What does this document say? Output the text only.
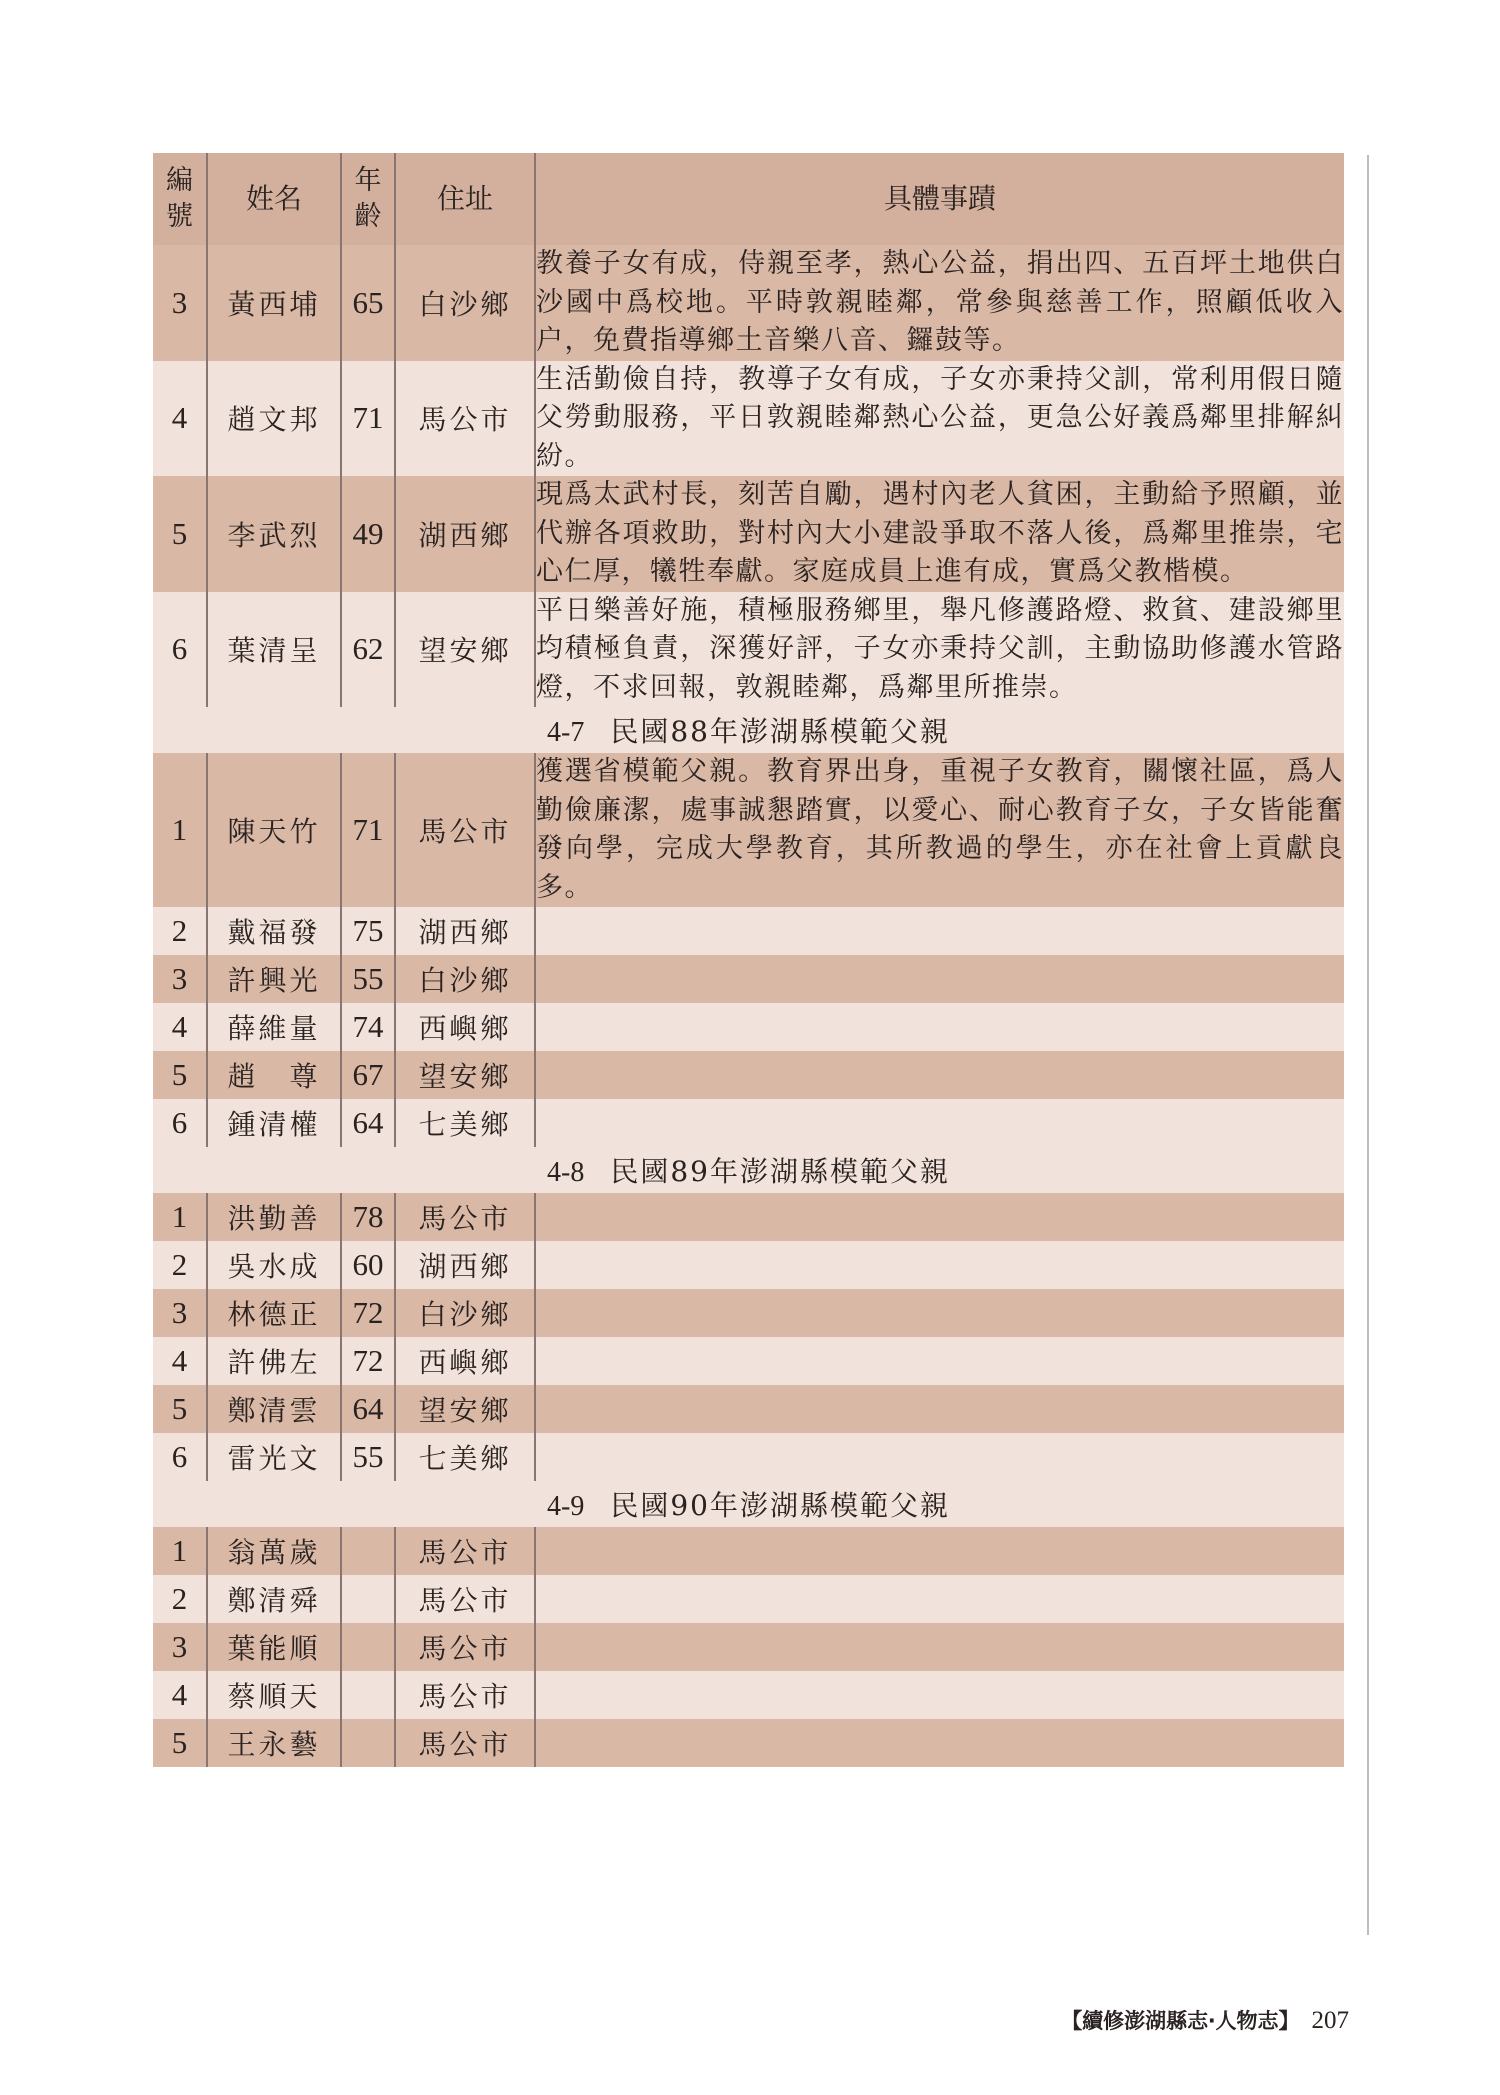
編號	姓名	年齡	住址	具體事蹟
3	黃西埔	65	白沙鄉	教養子女有成，侍親至孝，熱心公益，捐出四、五百坪土地供白沙國中爲校地。平時敦親睦鄰，常參與慈善工作，照顧低收入户，免費指導鄉土音樂八音、鑼鼓等。
4	趙文邦	71	馬公市	生活勤儉自持，教導子女有成，子女亦秉持父訓，常利用假日隨父勞動服務，平日敦親睦鄰熱心公益，更急公好義爲鄰里排解糾紛。
5	李武烈	49	湖西鄉	現爲太武村長，刻苦自勵，遇村內老人貧困，主動給予照顧，並代辦各項救助，對村內大小建設爭取不落人後，爲鄰里推崇，宅心仁厚，犧牲奉獻。家庭成員上進有成，實爲父教楷模。
6	葉清呈	62	望安鄉	平日樂善好施，積極服務鄉里，舉凡修護路燈、救貧、建設鄉里均積極負責，深獲好評，子女亦秉持父訓，主動協助修護水管路燈，不求回報，敦親睦鄰，爲鄰里所推崇。
4-7 民國88年澎湖縣模範父親				
1	陳天竹	71	馬公市	獲選省模範父親。教育界出身，重視子女教育，關懷社區，爲人勤儉廉潔，處事誠懇踏實，以愛心、耐心教育子女，子女皆能奮發向學，完成大學教育，其所教過的學生，亦在社會上貢獻良多。
2	戴福發	75	湖西鄉	
3	許興光	55	白沙鄉	
4	薛維量	74	西嶼鄉	
5	趙　尊	67	望安鄉	
6	鍾清權	64	七美鄉	
4-8 民國89年澎湖縣模範父親				
1	洪勤善	78	馬公市	
2	吳水成	60	湖西鄉	
3	林德正	72	白沙鄉	
4	許佛左	72	西嶼鄉	
5	鄭清雲	64	望安鄉	
6	雷光文	55	七美鄉	
4-9 民國90年澎湖縣模範父親				
1	翁萬歲		馬公市	
2	鄭清舜		馬公市	
3	葉能順		馬公市	
4	蔡順天		馬公市	
5	王永藝		馬公市	
【續修澎湖縣志‧人物志】 207
